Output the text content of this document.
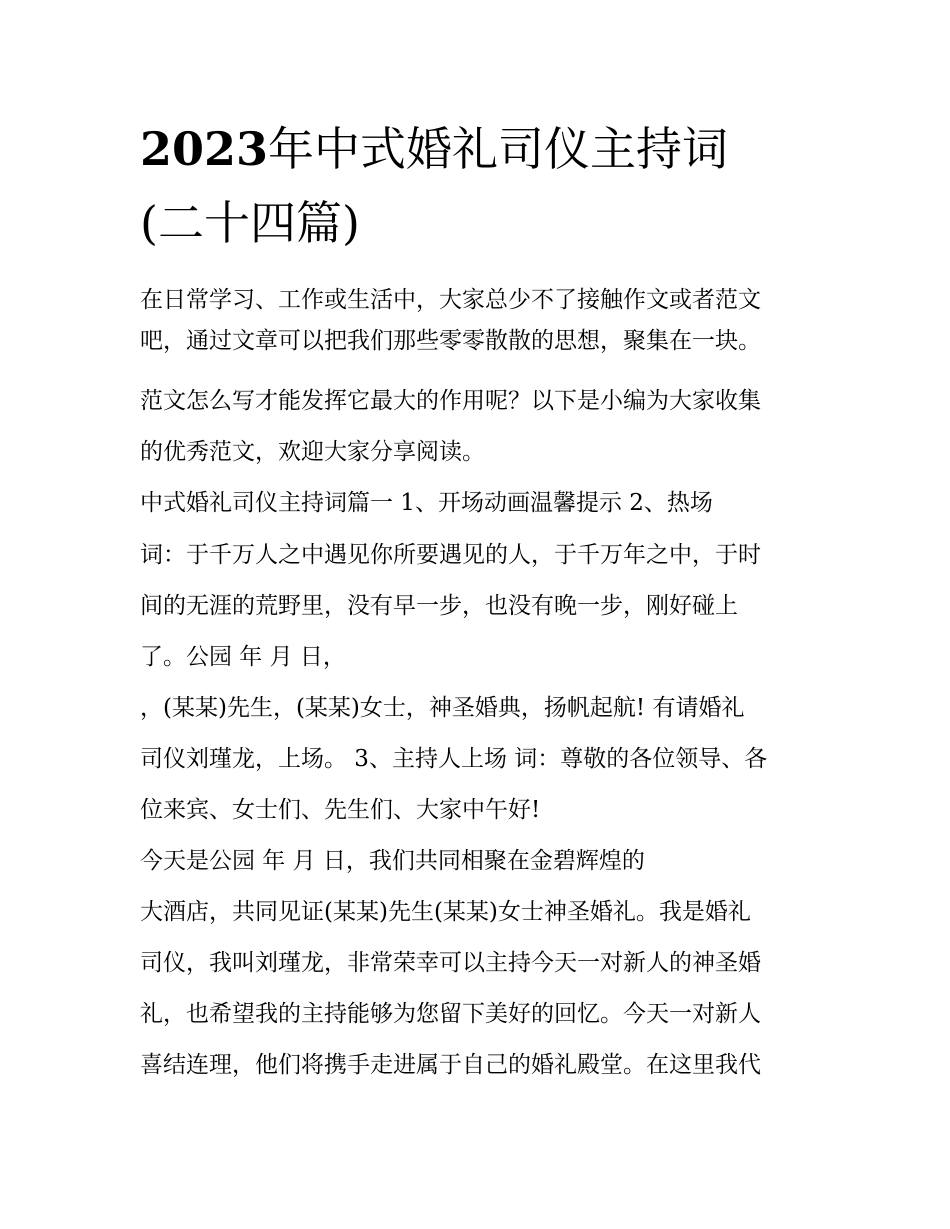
2023年中式婚礼司仪主持词
(二十四篇)

在日常学习、工作或生活中，大家总少不了接触作文或者范文

吧，通过文章可以把我们那些零零散散的思想，聚集在一块。

范文怎么写才能发挥它最大的作用呢？以下是小编为大家收集

的优秀范文，欢迎大家分享阅读。

中式婚礼司仪主持词篇一 1、开场动画温馨提示 2、热场

词：于千万人之中遇见你所要遇见的人，于千万年之中，于时

间的无涯的荒野里，没有早一步，也没有晚一步，刚好碰上

了。公园 年 月 日，

，(某某)先生，(某某)女士，神圣婚典，扬帆起航! 有请婚礼

司仪刘瑾龙，上场。 3、主持人上场 词：尊敬的各位领导、各

位来宾、女士们、先生们、大家中午好!

今天是公园 年 月 日，我们共同相聚在金碧辉煌的

大酒店，共同见证(某某)先生(某某)女士神圣婚礼。我是婚礼

司仪，我叫刘瑾龙，非常荣幸可以主持今天一对新人的神圣婚

礼，也希望我的主持能够为您留下美好的回忆。今天一对新人

喜结连理，他们将携手走进属于自己的婚礼殿堂。在这里我代
